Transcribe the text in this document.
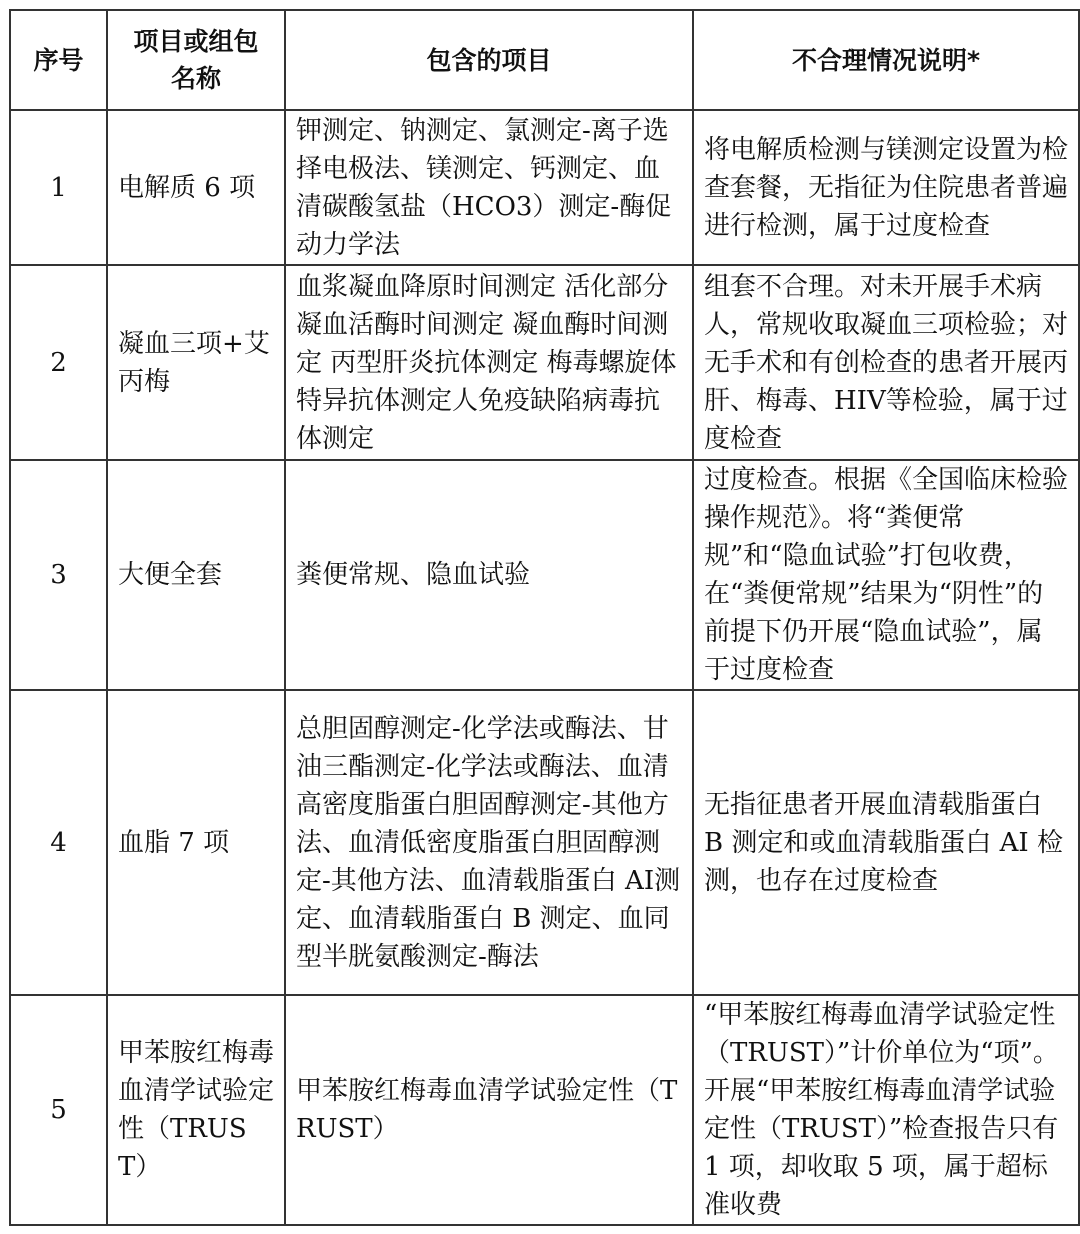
序号	项目或组包名称	包含的项目	不合理情况说明*
1	电解质 6 项	钾测定、钠测定、氯测定-离子选择电极法、镁测定、钙测定、血清碳酸氢盐（HCO3）测定-酶促动力学法	将电解质检测与镁测定设置为检查套餐，无指征为住院患者普遍进行检测，属于过度检查
2	凝血三项+艾丙梅	血浆凝血降原时间测定 活化部分凝血活酶时间测定 凝血酶时间测定 丙型肝炎抗体测定 梅毒螺旋体特异抗体测定人免疫缺陷病毒抗体测定	组套不合理。对未开展手术病人，常规收取凝血三项检验；对无手术和有创检查的患者开展丙肝、梅毒、HIV等检验，属于过度检查
3	大便全套	粪便常规、隐血试验	过度检查。根据《全国临床检验操作规范》。将“粪便常规”和“隐血试验”打包收费，在“粪便常规”结果为“阴性”的前提下仍开展“隐血试验”，属于过度检查
4	血脂 7 项	总胆固醇测定-化学法或酶法、甘油三酯测定-化学法或酶法、血清高密度脂蛋白胆固醇测定-其他方法、血清低密度脂蛋白胆固醇测定-其他方法、血清载脂蛋白 AⅠ测定、血清载脂蛋白 B 测定、血同型半胱氨酸测定-酶法	无指征患者开展血清载脂蛋白 B 测定和或血清载脂蛋白 AI 检测，也存在过度检查
5	甲苯胺红梅毒血清学试验定性（TRUST）	甲苯胺红梅毒血清学试验定性（TRUST）	“甲苯胺红梅毒血清学试验定性（TRUST）”计价单位为“项”。开展“甲苯胺红梅毒血清学试验定性（TRUST）”检查报告只有 1 项，却收取 5 项，属于超标准收费
